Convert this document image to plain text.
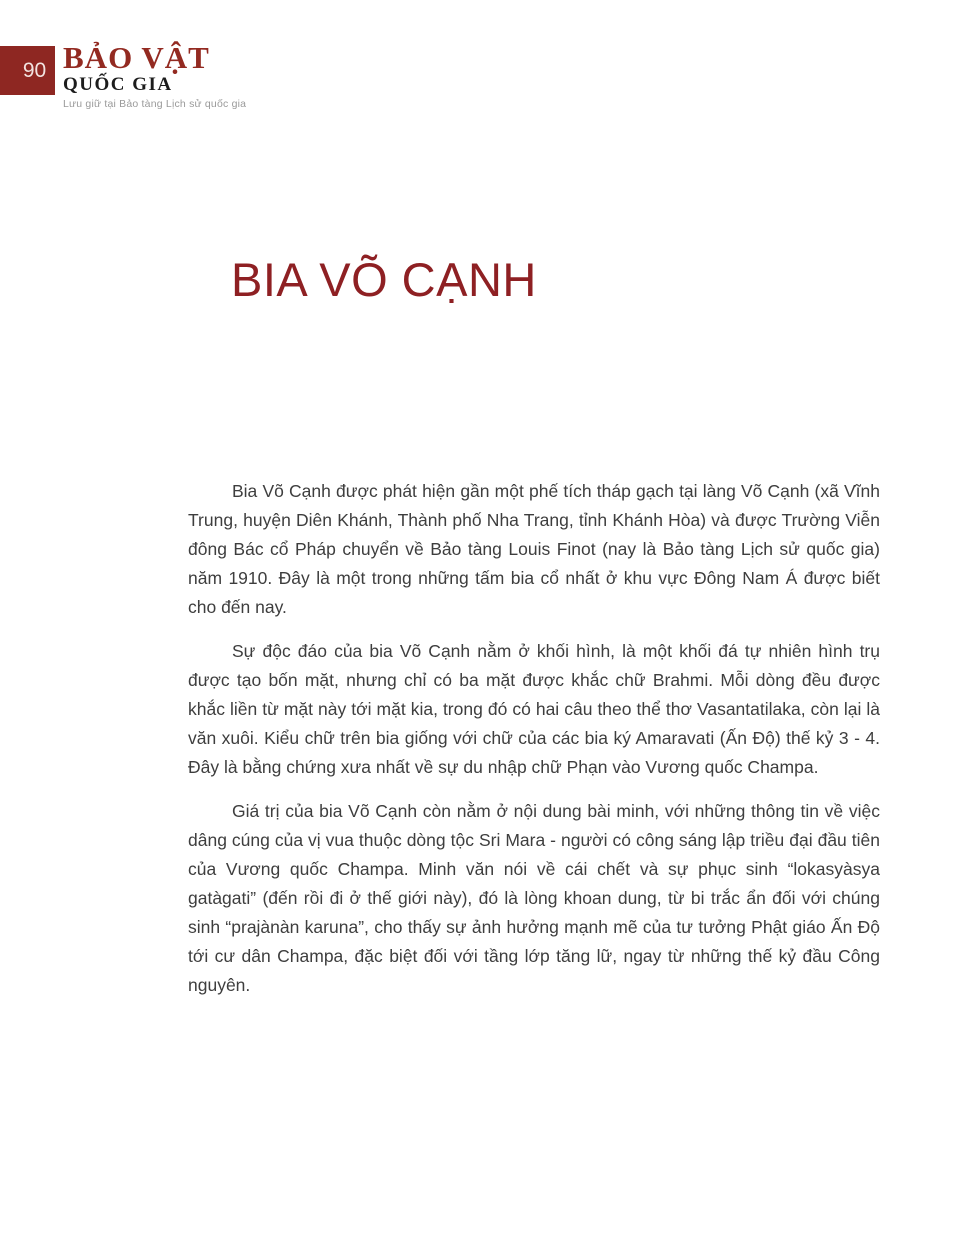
90 BẢO VẬT
QUỐC GIA
Lưu giữ tại Bảo tàng Lịch sử quốc gia
BIA VÕ CẠNH

Bia Võ Cạnh được phát hiện gần một phế tích tháp gạch tại làng Võ Cạnh (xã Vĩnh Trung, huyện Diên Khánh, Thành phố Nha Trang, tỉnh Khánh Hòa) và được Trường Viễn đông Bác cổ Pháp chuyển về Bảo tàng Louis Finot (nay là Bảo tàng Lịch sử quốc gia) năm 1910. Đây là một trong những tấm bia cổ nhất ở khu vực Đông Nam Á được biết cho đến nay.

Sự độc đáo của bia Võ Cạnh nằm ở khối hình, là một khối đá tự nhiên hình trụ được tạo bốn mặt, nhưng chỉ có ba mặt được khắc chữ Brahmi. Mỗi dòng đều được khắc liền từ mặt này tới mặt kia, trong đó có hai câu theo thể thơ Vasantatilaka, còn lại là văn xuôi. Kiểu chữ trên bia giống với chữ của các bia ký Amaravati (Ấn Độ) thế kỷ 3 - 4. Đây là bằng chứng xưa nhất về sự du nhập chữ Phạn vào Vương quốc Champa.

Giá trị của bia Võ Cạnh còn nằm ở nội dung bài minh, với những thông tin về việc dâng cúng của vị vua thuộc dòng tộc Sri Mara - người có công sáng lập triều đại đầu tiên của Vương quốc Champa. Minh văn nói về cái chết và sự phục sinh “lokasyàsya gatàgati” (đến rồi đi ở thế giới này), đó là lòng khoan dung, từ bi trắc ẩn đối với chúng sinh “prajànàn karuna”, cho thấy sự ảnh hưởng mạnh mẽ của tư tưởng Phật giáo Ấn Độ tới cư dân Champa, đặc biệt đối với tầng lớp tăng lữ, ngay từ những thế kỷ đầu Công nguyên.
